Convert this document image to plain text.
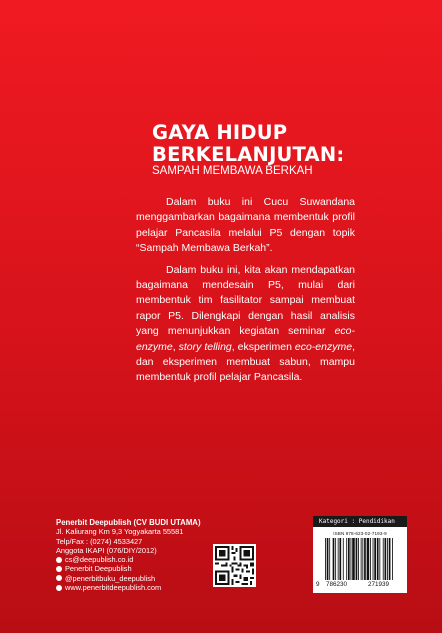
GAYA HIDUP
BERKELANJUTAN:
SAMPAH MEMBAWA BERKAH

Dalam buku ini Cucu Suwandana menggambarkan bagaimana membentuk profil pelajar Pancasila melalui P5 dengan topik “Sampah Membawa Berkah”.

Dalam buku ini, kita akan mendapatkan bagaimana mendesain P5, mulai dari membentuk tim fasilitator sampai membuat rapor P5. Dilengkapi dengan hasil analisis yang menunjukkan kegiatan seminar eco-enzyme, story telling, eksperimen eco-enzyme, dan eksperimen membuat sabun, mampu membentuk profil pelajar Pancasila.

Penerbit Deepublish (CV BUDI UTAMA)
Jl. Kaliurang Km 9,3 Yogyakarta 55581
Telp/Fax : (0274) 4533427
Anggota IKAPI (076/DIY/2012)
cs@deepublish.co.id
Penerbit Deepublish
@penerbitbuku_deepublish
www.penerbitdeepublish.com
Kategori : Pendidikan
ISBN 978-623-02-7193-9
9 786230	271939
